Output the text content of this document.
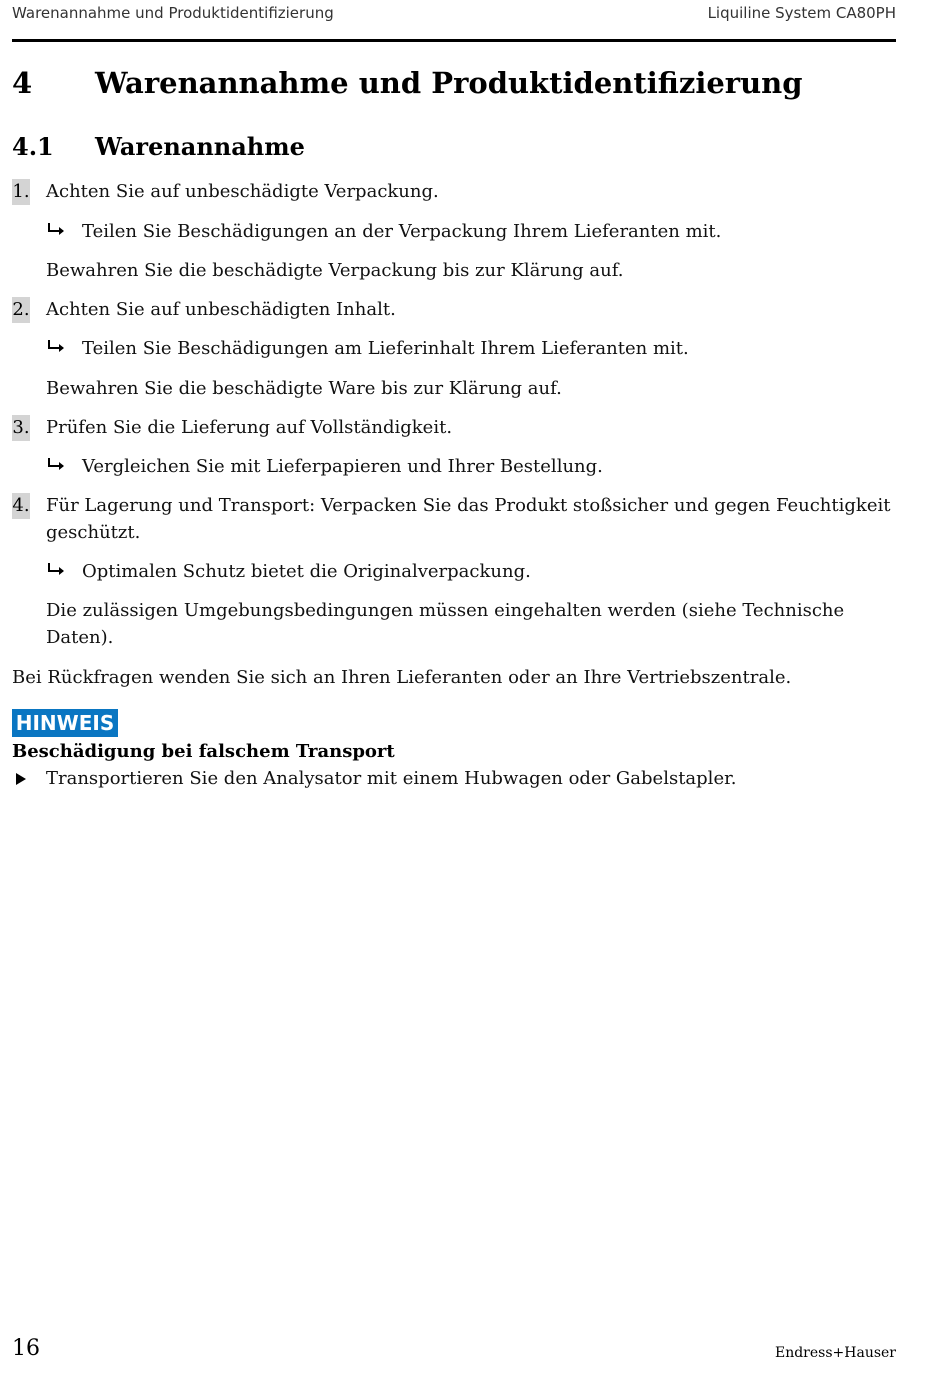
Warenannahme und Produktidentifizierung	Liquiline System CA80PH
4 Warenannahme und Produktidentifizierung
4.1 Warenannahme
1. Achten Sie auf unbeschädigte Verpackung.
Teilen Sie Beschädigungen an der Verpackung Ihrem Lieferanten mit.
Bewahren Sie die beschädigte Verpackung bis zur Klärung auf.
2. Achten Sie auf unbeschädigten Inhalt.
Teilen Sie Beschädigungen am Lieferinhalt Ihrem Lieferanten mit.
Bewahren Sie die beschädigte Ware bis zur Klärung auf.
3. Prüfen Sie die Lieferung auf Vollständigkeit.
Vergleichen Sie mit Lieferpapieren und Ihrer Bestellung.
4. Für Lagerung und Transport: Verpacken Sie das Produkt stoßsicher und gegen Feuchtigkeit geschützt.
Optimalen Schutz bietet die Originalverpackung.
Die zulässigen Umgebungsbedingungen müssen eingehalten werden (siehe Technische Daten).
Bei Rückfragen wenden Sie sich an Ihren Lieferanten oder an Ihre Vertriebszentrale.
HINWEIS
Beschädigung bei falschem Transport
Transportieren Sie den Analysator mit einem Hubwagen oder Gabelstapler.
16	Endress+Hauser
